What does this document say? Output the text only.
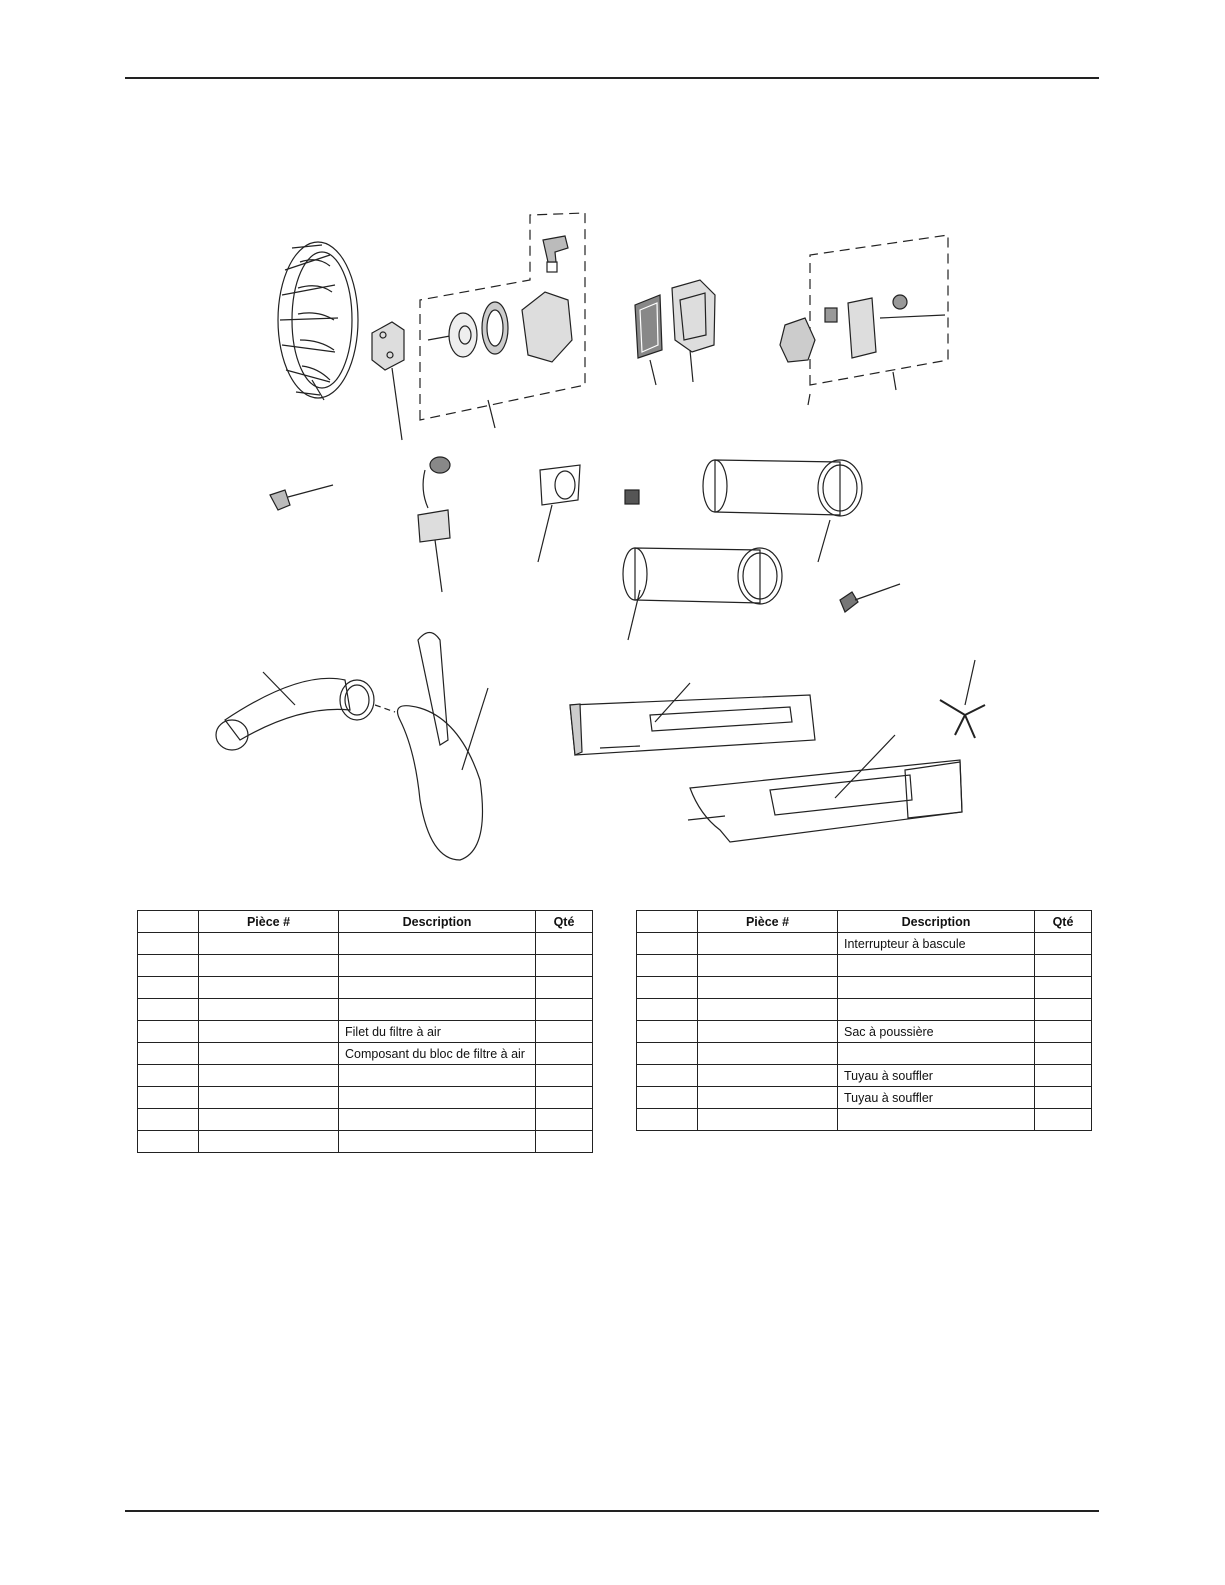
	Pièce #	Description	Qté

		Filet du filtre à air	
		Composant du bloc de filtre à air	

	Pièce #	Description	Qté
		Interrupteur à bascule	

		Sac à poussière	

		Tuyau à souffler	
		Tuyau à souffler	
